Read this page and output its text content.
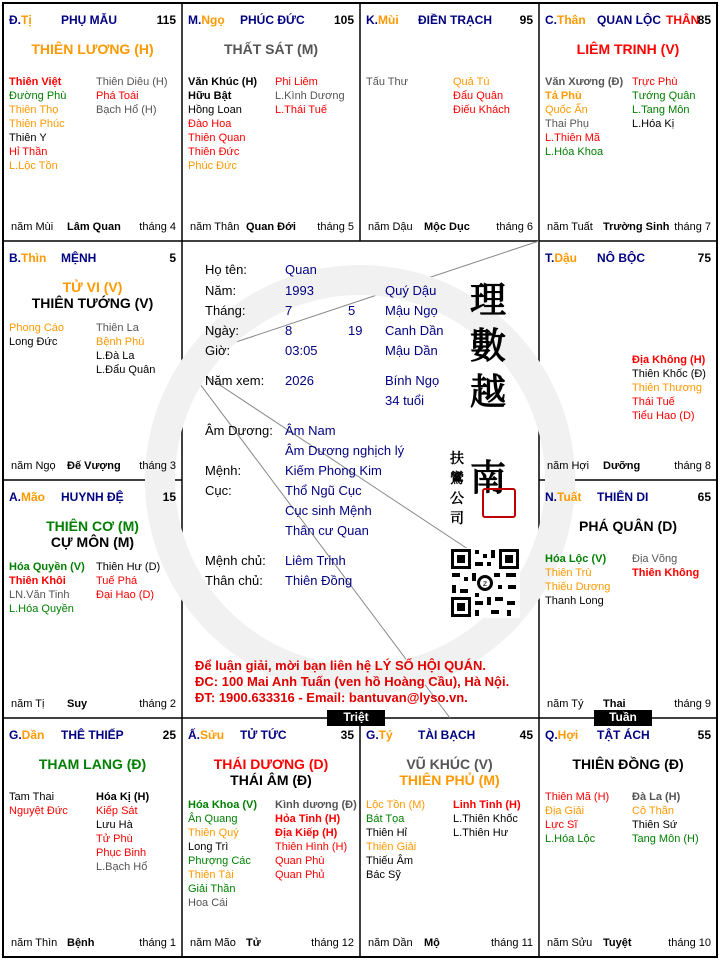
Đ.Tị PHỤ MẪU	115
THIÊN LƯƠNG (H)
Thiên Việt
Đường Phù
Thiên Thọ
Thiên Phúc
Thiên Y
Hỉ Thần
L.Lộc Tồn
Thiên Diêu (H)
Phá Toái
Bạch Hổ (H)
năm Mùi Lâm Quan tháng 4
M.Ngọ PHÚC ĐỨC 105
THẤT SÁT (M)
Văn Khúc (H)
Hữu Bật
Hồng Loan
Đào Hoa
Thiên Quan
Thiên Đức
Phúc Đức
Phi Liêm
L.Kình Dương
L.Thái Tuế
năm Thân Quan Đới tháng 5
K.Mùi ĐIỀN TRẠCH 95
Tấu Thư	Quả Tú
Đẩu Quân
Điếu Khách
năm Dậu Mộc Dục tháng 6
C.Thân QUAN LỘC THÂN
85
LIÊM TRINH (V)
Văn Xương (Đ)
Tả Phù
Quốc Ấn
Thai Phụ
L.Thiên Mã
L.Hóa Khoa
Trực Phù
Tướng Quân
L.Tang Môn
L.Hóa Kị
năm Tuất Trường Sinh tháng 7
B.Thìn MỆNH	5
TỬ VI (V)
THIÊN TƯỚNG (V)
Phong Cáo
Long Đức
Thiên La
Bệnh Phù
L.Đà La
L.Đẩu Quân
năm Ngọ Đế Vượng tháng 3
T.Dậu NÔ BỘC	75
Địa Không (H)
Thiên Khốc (Đ)
Thiên Thương
Thái Tuế
Tiểu Hao (D)
năm Hợi Dưỡng	tháng 8
A.Mão HUYNH ĐỆ	15
THIÊN CƠ (M)
CỰ MÔN (M)
Hóa Quyền (V)
Thiên Khôi
LN.Văn Tinh
L.Hóa Quyền
Thiên Hư (D)
Tuế Phá
Đại Hao (D)
năm Tị Suy	tháng 2
N.Tuất THIÊN DI	65
PHÁ QUÂN (D)
Hóa Lộc (V)
Thiên Trù
Thiếu Dương
Thanh Long
Địa Võng
Thiên Không
năm Tý Thai	tháng 9
G.Dần THÊ THIẾP	25
THAM LANG (Đ)
Tam Thai
Nguyệt Đức
Hóa Kị (H)
Kiếp Sát
Lưu Hà
Tử Phù
Phục Binh
L.Bạch Hổ
năm Thìn Bệnh	tháng 1
Ấ.Sửu TỬ TỨC	35
THÁI DƯƠNG (D)
THÁI ÂM (Đ)
Hóa Khoa (V)
Ân Quang
Thiên Quý
Long Trì
Phượng Các
Thiên Tài
Giải Thần
Hoa Cái
Kình dương (Đ)
Hỏa Tinh (H)
Địa Kiếp (H)
Thiên Hình (H)
Quan Phù
Quan Phủ
năm Mão Tử	tháng 12
G.Tý TÀI BẠCH	45
VŨ KHÚC (V)
THIÊN PHỦ (M)
Lộc Tồn (M)
Bát Tọa
Thiên Hỉ
Thiên Giải
Thiếu Âm
Bác Sỹ
Linh Tinh (H)
L.Thiên Khốc
L.Thiên Hư
năm Dần Mộ	tháng 11
Q.Hợi TẬT ÁCH	55
THIÊN ĐỒNG (Đ)
Thiên Mã (H)
Địa Giải
Lực Sĩ
L.Hóa Lộc
Đà La (H)
Cô Thần
Thiên Sứ
Tang Môn (H)
năm Sửu Tuyệt	tháng 10
Họ tên:	Quan
Năm:	1993	Quý Dậu
Tháng:	7	5 Mậu Ngọ
Ngày:	8	19 Canh Dần
Giờ:	03:05	Mậu Dần
Năm xem: 2026	Bính Ngọ
34 tuổi
Âm Dương: Âm Nam
Âm Dương nghịch lý
Mệnh:	Kiếm Phong Kim
Cục:	Thổ Ngũ Cục
Cục sinh Mệnh
Thân cư Quan
Mệnh chủ: Liêm Trinh
Thân chủ: Thiên Đồng
理
數
越
南
扶
鸞
公
司
z
Để luận giải, mời bạn liên hệ LÝ SỐ HỘI QUÁN.
ĐC: 100 Mai Anh Tuấn (ven hồ Hoàng Cầu), Hà Nội.
ĐT: 1900.633316 - Email: bantuvan@lyso.vn.
Triệt	Tuần
